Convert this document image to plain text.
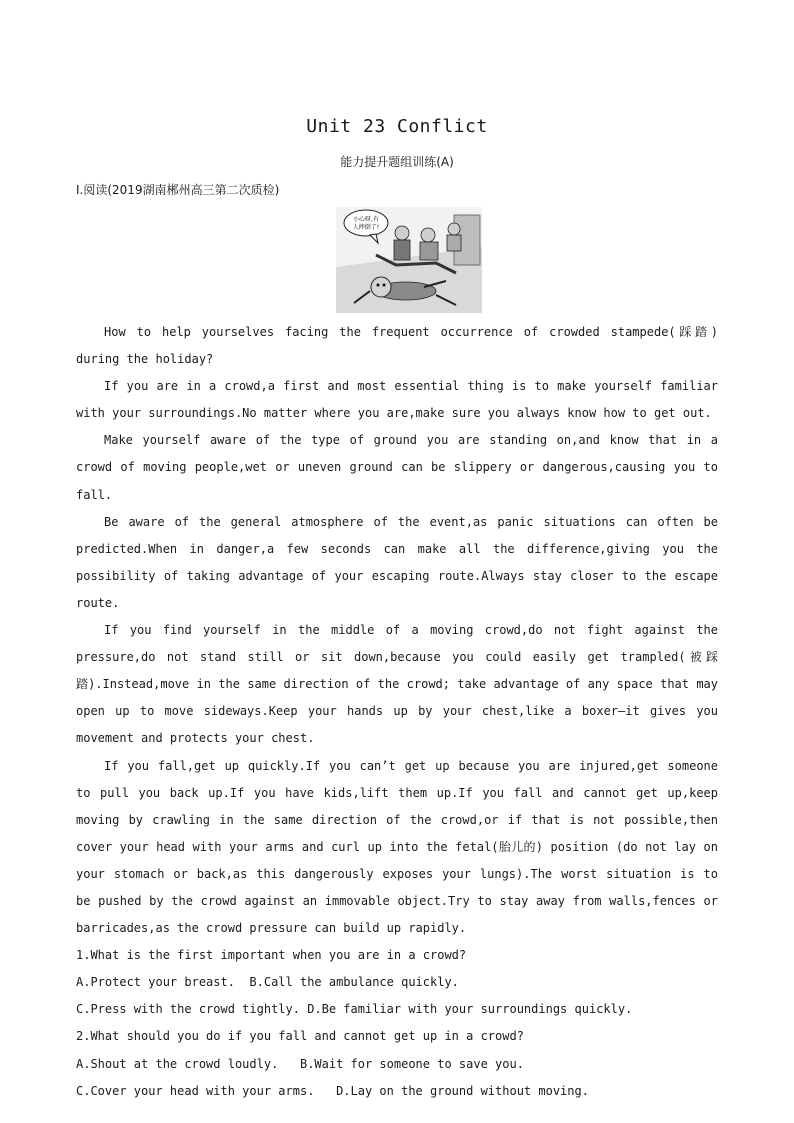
Unit 23 Conflict
能力提升题组训练(A)
Ⅰ.阅读(2019湖南郴州高三第二次质检)
小心呀,有
人摔倒了!

How to help yourselves facing the frequent occurrence of crowded stampede(踩踏) during the holiday?

If you are in a crowd,a first and most essential thing is to make yourself familiar with your surroundings.No matter where you are,make sure you always know how to get out.

Make yourself aware of the type of ground you are standing on,and know that in a crowd of moving people,wet or uneven ground can be slippery or dangerous,causing you to fall.

Be aware of the general atmosphere of the event,as panic situations can often be predicted.When in danger,a few seconds can make all the difference,giving you the possibility of taking advantage of your escaping route.Always stay closer to the escape route.

If you find yourself in the middle of a moving crowd,do not fight against the pressure,do not stand still or sit down,because you could easily get trampled(被踩踏).Instead,move in the same direction of the crowd; take advantage of any space that may open up to move sideways.Keep your hands up by your chest,like a boxer—it gives you movement and protects your chest.

If you fall,get up quickly.If you can’t get up because you are injured,get someone to pull you back up.If you have kids,lift them up.If you fall and cannot get up,keep moving by crawling in the same direction of the crowd,or if that is not possible,then cover your head with your arms and curl up into the fetal(胎儿的) position (do not lay on your stomach or back,as this dangerously exposes your lungs).The worst situation is to be pushed by the crowd against an immovable object.Try to stay away from walls,fences or barricades,as the crowd pressure can build up rapidly.

1.What is the first important when you are in a crowd?

A.Protect your breast.  B.Call the ambulance quickly.

C.Press with the crowd tightly. D.Be familiar with your surroundings quickly.

2.What should you do if you fall and cannot get up in a crowd?

A.Shout at the crowd loudly.   B.Wait for someone to save you.

C.Cover your head with your arms.   D.Lay on the ground without moving.
